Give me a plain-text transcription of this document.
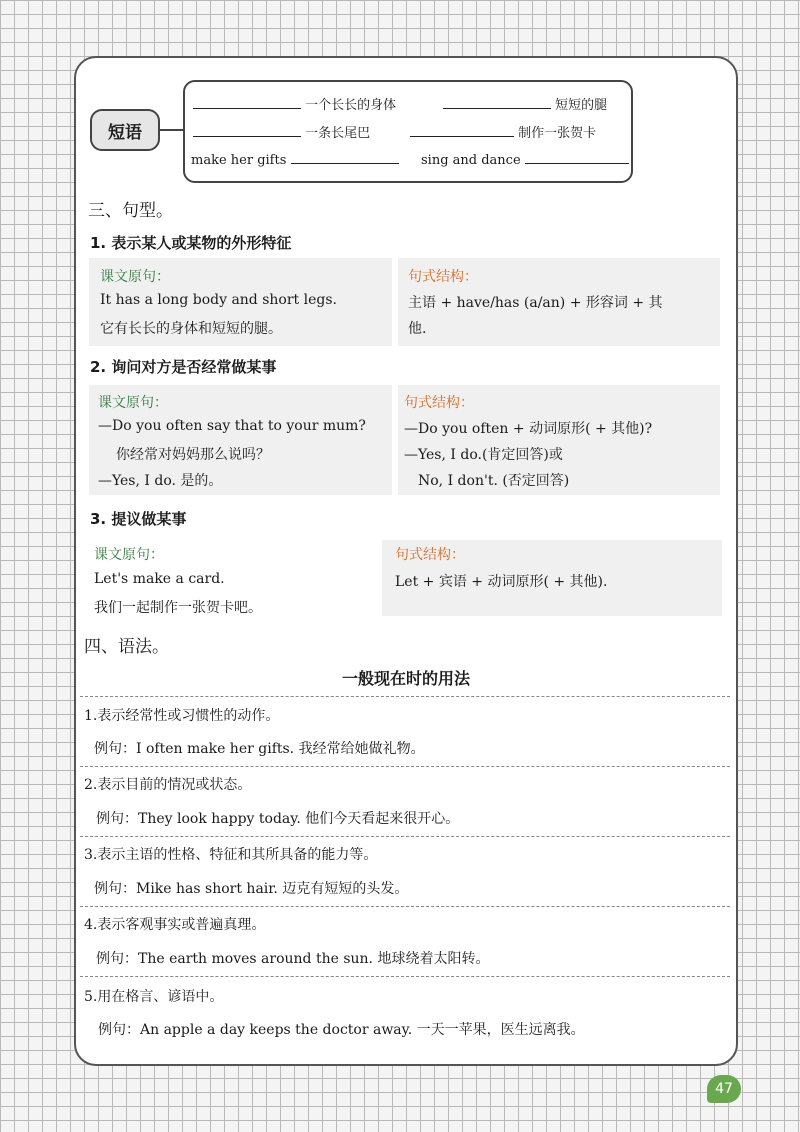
短语
一个长长的身体	短短的腿
一条长尾巴	制作一张贺卡
make her gifts	sing and dance
三、句型。
1. 表示某人或某物的外形特征
课文原句：
It has a long body and short legs.
它有长长的身体和短短的腿。
句式结构：
主语 + have/has (a/an) + 形容词 + 其
他.
2. 询问对方是否经常做某事
课文原句：
—Do you often say that to your mum?
你经常对妈妈那么说吗？
—Yes, I do. 是的。
句式结构：
—Do you often + 动词原形( + 其他)?
—Yes, I do.(肯定回答)或
No, I don't. (否定回答)
3. 提议做某事
课文原句：
Let's make a card.
我们一起制作一张贺卡吧。
句式结构：
Let + 宾语 + 动词原形( + 其他).
四、语法。
一般现在时的用法
1.表示经常性或习惯性的动作。
例句：I often make her gifts. 我经常给她做礼物。
2.表示目前的情况或状态。
例句：They look happy today. 他们今天看起来很开心。
3.表示主语的性格、特征和其所具备的能力等。
例句：Mike has short hair. 迈克有短短的头发。
4.表示客观事实或普遍真理。
例句：The earth moves around the sun. 地球绕着太阳转。
5.用在格言、谚语中。
例句：An apple a day keeps the doctor away. 一天一苹果，医生远离我。
47
